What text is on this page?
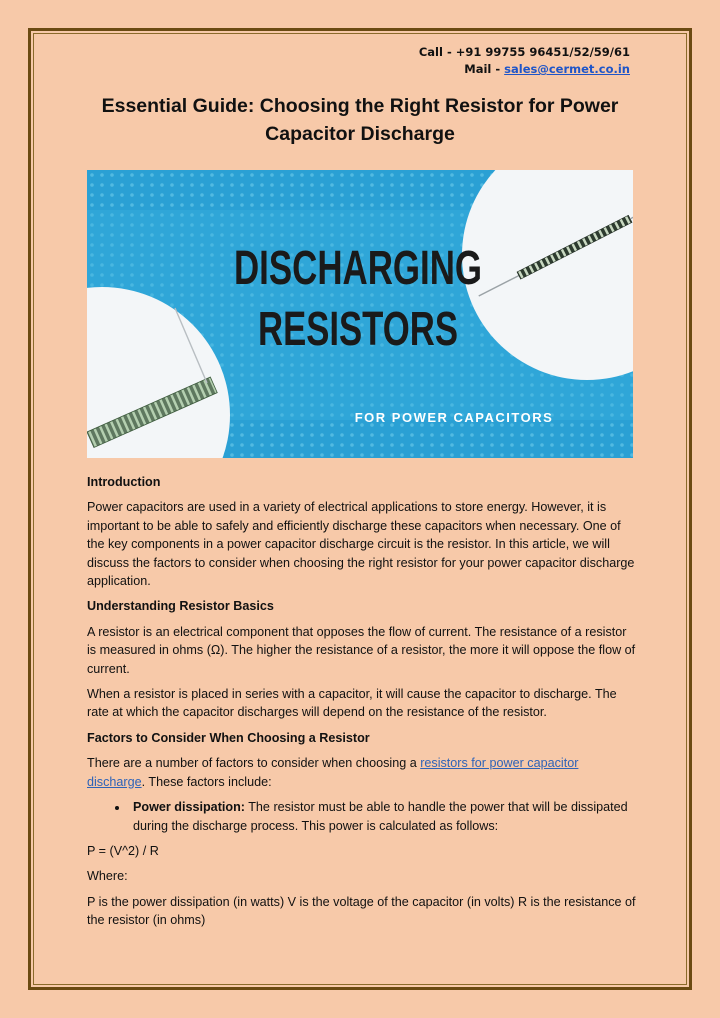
Call - +91 99755 96451/52/59/61
Mail - sales@cermet.co.in
Essential Guide: Choosing the Right Resistor for Power Capacitor Discharge
DISCHARGING
RESISTORS
FOR POWER CAPACITORS
Introduction

Power capacitors are used in a variety of electrical applications to store energy. However, it is important to be able to safely and efficiently discharge these capacitors when necessary. One of the key components in a power capacitor discharge circuit is the resistor. In this article, we will discuss the factors to consider when choosing the right resistor for your power capacitor discharge application.

Understanding Resistor Basics

A resistor is an electrical component that opposes the flow of current. The resistance of a resistor is measured in ohms (Ω). The higher the resistance of a resistor, the more it will oppose the flow of current.

When a resistor is placed in series with a capacitor, it will cause the capacitor to discharge. The rate at which the capacitor discharges will depend on the resistance of the resistor.

Factors to Consider When Choosing a Resistor

There are a number of factors to consider when choosing a resistors for power capacitor discharge. These factors include:

• Power dissipation: The resistor must be able to handle the power that will be dissipated during the discharge process. This power is calculated as follows:

P = (V^2) / R

Where:

P is the power dissipation (in watts) V is the voltage of the capacitor (in volts) R is the resistance of the resistor (in ohms)
